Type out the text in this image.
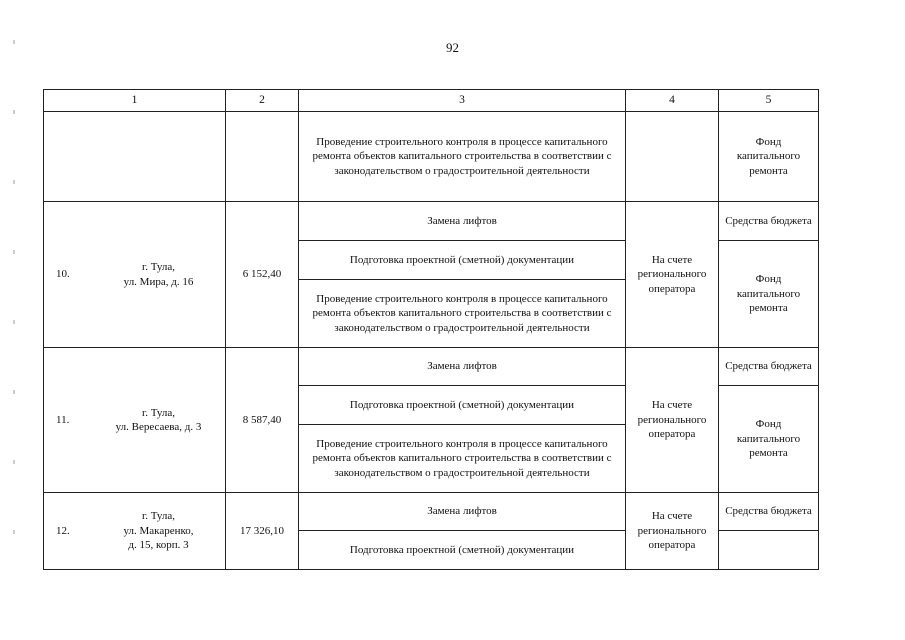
92
1	2	3	4	5
		Проведение строительного контроля в процессе капитального ремонта объектов капитального строительства в соответствии с законодательством о градостроительной деятельности		Фонд капитального ремонта

10.
г. Тула,
ул. Мира, д. 16	6 152,40	Замена лифтов	На счете регионального оператора	Средства бюджета
		Подготовка проектной (сметной) документации		Фонд капитального ремонта
		Проведение строительного контроля в процессе капитального ремонта объектов капитального строительства в соответствии с законодательством о градостроительной деятельности		

11.
г. Тула,
ул. Вересаева, д. 3	8 587,40	Замена лифтов	На счете регионального оператора	Средства бюджета
		Подготовка проектной (сметной) документации		Фонд капитального ремонта
		Проведение строительного контроля в процессе капитального ремонта объектов капитального строительства в соответствии с законодательством о градостроительной деятельности		

12.
г. Тула,
ул. Макаренко,
д. 15, корп. 3	17 326,10	Замена лифтов	На счете регионального оператора	Средства бюджета
		Подготовка проектной (сметной) документации		
